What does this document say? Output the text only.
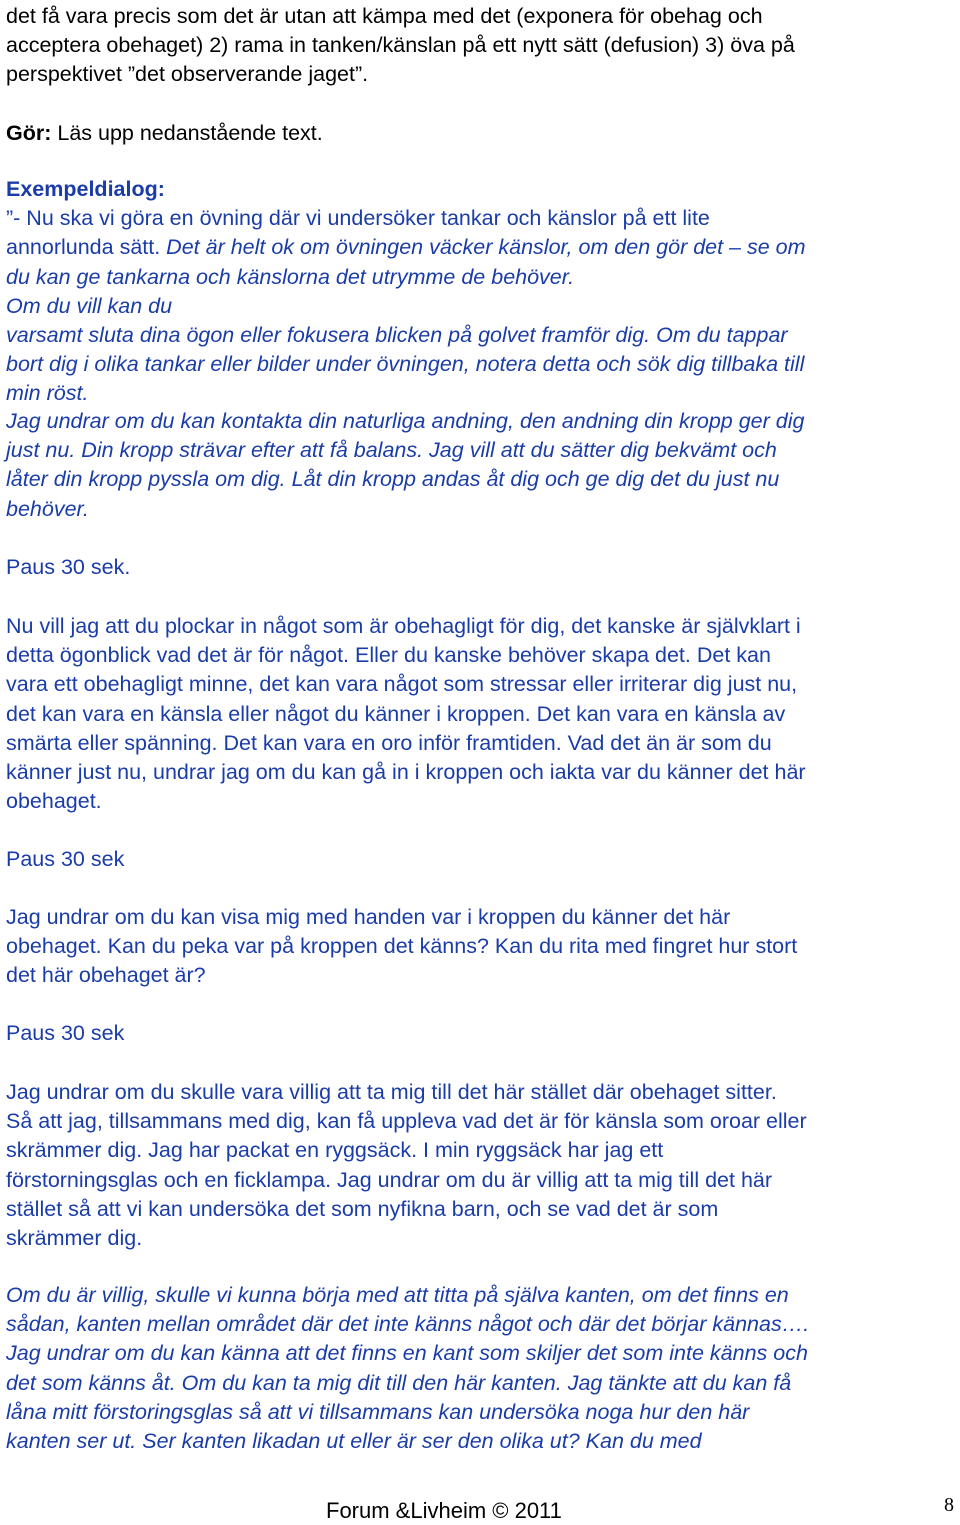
det få vara precis som det är utan att kämpa med det (exponera för obehag och
acceptera obehaget) 2) rama in tanken/känslan på ett nytt sätt (defusion) 3) öva på
perspektivet ”det observerande jaget”.

Gör: Läs upp nedanstående text.

Exempeldialog:
”- Nu ska vi göra en övning där vi undersöker tankar och känslor på ett lite
annorlunda sätt. Det är helt ok om övningen väcker känslor, om den gör det – se om
du kan ge tankarna och känslorna det utrymme de behöver.
Om du vill kan du
varsamt sluta dina ögon eller fokusera blicken på golvet framför dig. Om du tappar
bort dig i olika tankar eller bilder under övningen, notera detta och sök dig tillbaka till
min röst.

Jag undrar om du kan kontakta din naturliga andning, den andning din kropp ger dig
just nu. Din kropp strävar efter att få balans. Jag vill att du sätter dig bekvämt och
låter din kropp pyssla om dig. Låt din kropp andas åt dig och ge dig det du just nu
behöver.

Paus 30 sek.

Nu vill jag att du plockar in något som är obehagligt för dig, det kanske är självklart i
detta ögonblick vad det är för något. Eller du kanske behöver skapa det. Det kan
vara ett obehagligt minne, det kan vara något som stressar eller irriterar dig just nu,
det kan vara en känsla eller något du känner i kroppen. Det kan vara en känsla av
smärta eller spänning. Det kan vara en oro inför framtiden. Vad det än är som du
känner just nu, undrar jag om du kan gå in i kroppen och iakta var du känner det här
obehaget.

Paus 30 sek

Jag undrar om du kan visa mig med handen var i kroppen du känner det här
obehaget. Kan du peka var på kroppen det känns? Kan du rita med fingret hur stort
det här obehaget är?

Paus 30 sek

Jag undrar om du skulle vara villig att ta mig till det här stället där obehaget sitter.
Så att jag, tillsammans med dig, kan få uppleva vad det är för känsla som oroar eller
skrämmer dig. Jag har packat en ryggsäck. I min ryggsäck har jag ett
förstorningsglas och en ficklampa. Jag undrar om du är villig att ta mig till det här
stället så att vi kan undersöka det som nyfikna barn, och se vad det är som
skrämmer dig.

Om du är villig, skulle vi kunna börja med att titta på själva kanten, om det finns en
sådan, kanten mellan området där det inte känns något och där det börjar kännas….
Jag undrar om du kan känna att det finns en kant som skiljer det som inte känns och
det som känns åt. Om du kan ta mig dit till den här kanten. Jag tänkte att du kan få
låna mitt förstoringsglas så att vi tillsammans kan undersöka noga hur den här
kanten ser ut. Ser kanten likadan ut eller är ser den olika ut? Kan du med

Forum &Livheim © 2011	8
